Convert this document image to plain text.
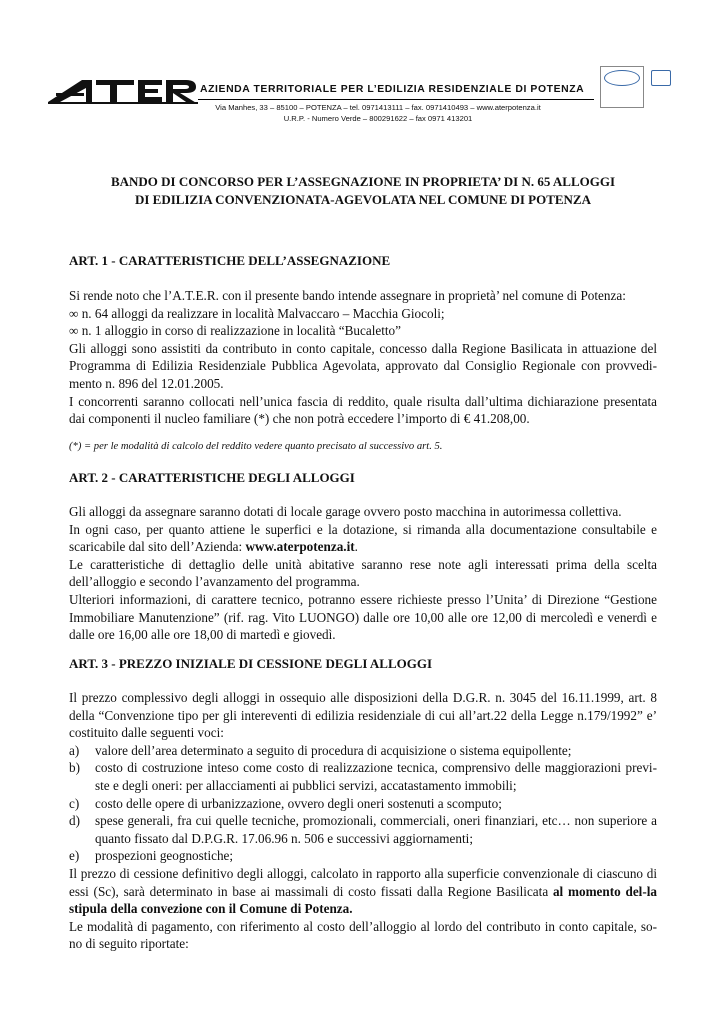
AZIENDA TERRITORIALE PER L’EDILIZIA RESIDENZIALE DI POTENZA
Via Manhes, 33 – 85100 – POTENZA – tel. 0971413111 – fax. 0971410493 – www.aterpotenza.it
U.R.P. - Numero Verde – 800291622 – fax 0971 413201
BANDO DI CONCORSO PER L’ASSEGNAZIONE IN PROPRIETA’ DI N. 65 ALLOGGI
DI EDILIZIA CONVENZIONATA-AGEVOLATA NEL COMUNE DI POTENZA
ART. 1 - CARATTERISTICHE DELL’ASSEGNAZIONE

Si rende noto che l’A.T.E.R. con il presente bando intende assegnare in proprietà’ nel comune di Potenza:

∞ n. 64 alloggi da realizzare in località Malvaccaro – Macchia Giocoli;

∞ n. 1 alloggio in corso di realizzazione in località “Bucaletto”

Gli alloggi sono assistiti da contributo in conto capitale, concesso dalla Regione Basilicata in attuazione del Programma di Edilizia Residenziale Pubblica Agevolata, approvato dal Consiglio Regionale con provvedi-mento n. 896 del 12.01.2005.

I concorrenti saranno collocati nell’unica fascia di reddito, quale risulta dall’ultima dichiarazione presentata dai componenti il nucleo familiare (*) che non potrà eccedere l’importo di € 41.208,00.

(*) = per le modalità di calcolo del reddito vedere quanto precisato al successivo art. 5.
ART. 2 - CARATTERISTICHE DEGLI ALLOGGI

Gli alloggi da assegnare saranno dotati di locale garage ovvero posto macchina in autorimessa collettiva.

In ogni caso, per quanto attiene le superfici e la dotazione, si rimanda alla documentazione consultabile e scaricabile dal sito dell’Azienda: www.aterpotenza.it.

Le caratteristiche di dettaglio delle unità abitative saranno rese note agli interessati prima della scelta dell’alloggio e secondo l’avanzamento del programma.

Ulteriori informazioni, di carattere tecnico, potranno essere richieste presso l’Unita’ di Direzione “Gestione Immobiliare Manutenzione” (rif. rag. Vito LUONGO) dalle ore 10,00 alle ore 12,00 di mercoledì e venerdì e dalle ore 16,00 alle ore 18,00 di martedì e giovedì.

ART. 3 - PREZZO INIZIALE DI CESSIONE DEGLI ALLOGGI

Il prezzo complessivo degli alloggi in ossequio alle disposizioni della D.G.R. n. 3045 del 16.11.1999, art. 8 della “Convenzione tipo per gli intereventi di edilizia residenziale di cui all’art.22 della Legge n.179/1992” e’ costituito dalle seguenti voci:

a) valore dell’area determinato a seguito di procedura di acquisizione o sistema equipollente;
b) costo di costruzione inteso come costo di realizzazione tecnica, comprensivo delle maggiorazioni previ-ste e degli oneri: per allacciamenti ai pubblici servizi, accatastamento immobili;
c) costo delle opere di urbanizzazione, ovvero degli oneri sostenuti a scomputo;
d) spese generali, fra cui quelle tecniche, promozionali, commerciali, oneri finanziari, etc… non superiore a quanto fissato dal D.P.G.R. 17.06.96 n. 506 e successivi aggiornamenti;
e) prospezioni geognostiche;

Il prezzo di cessione definitivo degli alloggi, calcolato in rapporto alla superficie convenzionale di ciascuno di essi (Sc), sarà determinato in base ai massimali di costo fissati dalla Regione Basilicata al momento del-la stipula della convezione con il Comune di Potenza.

Le modalità di pagamento, con riferimento al costo dell’alloggio al lordo del contributo in conto capitale, so-no di seguito riportate:
